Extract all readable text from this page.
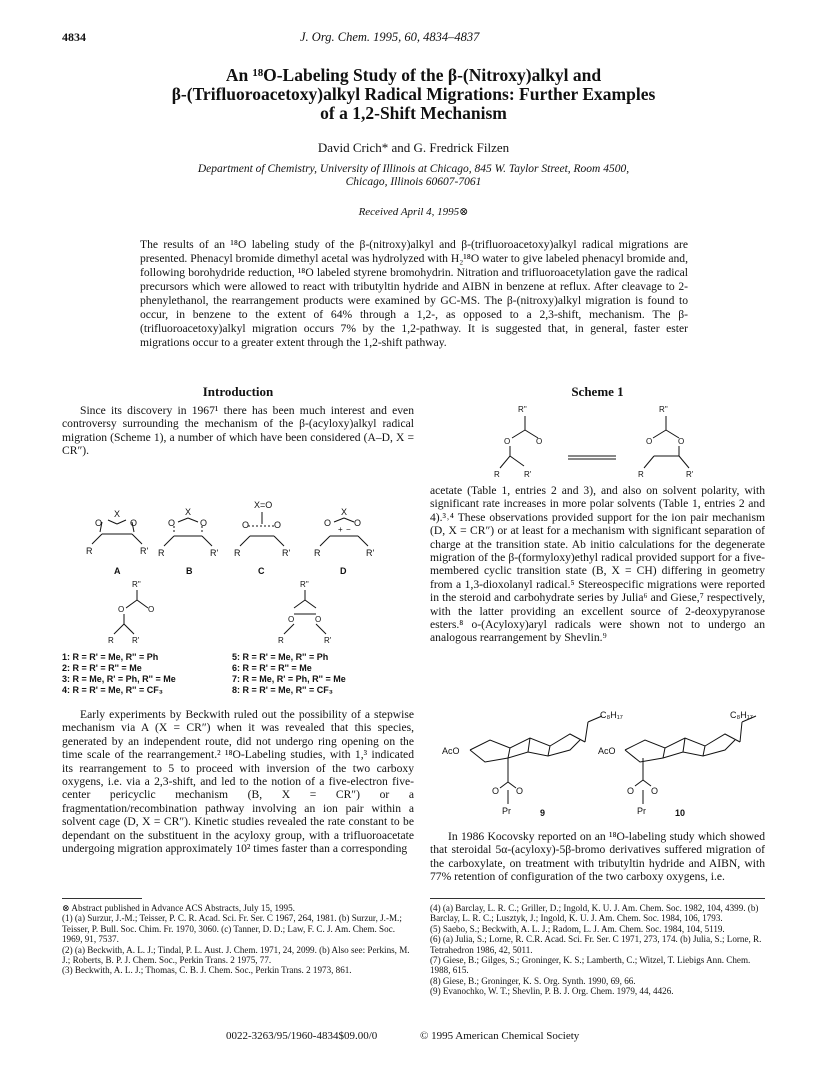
4834	J. Org. Chem. 1995, 60, 4834–4837
An ¹⁸O-Labeling Study of the β-(Nitroxy)alkyl and
β-(Trifluoroacetoxy)alkyl Radical Migrations: Further Examples
of a 1,2-Shift Mechanism
David Crich* and G. Fredrick Filzen
Department of Chemistry, University of Illinois at Chicago, 845 W. Taylor Street, Room 4500,
Chicago, Illinois 60607-7061
Received April 4, 1995⊗
The results of an ¹⁸O labeling study of the β-(nitroxy)alkyl and β-(trifluoroacetoxy)alkyl radical migrations are presented. Phenacyl bromide dimethyl acetal was hydrolyzed with H₂¹⁸O water to give labeled phenacyl bromide and, following borohydride reduction, ¹⁸O labeled styrene bromohydrin. Nitration and trifluoroacetylation gave the radical precursors which were allowed to react with tributyltin hydride and AIBN in benzene at reflux. After cleavage to 2-phenylethanol, the rearrangement products were examined by GC-MS. The β-(nitroxy)alkyl migration is found to occur, in benzene to the extent of 64% through a 1,2-, as opposed to a 2,3-shift, mechanism. The β-(trifluoroacetoxy)alkyl migration occurs 7% by the 1,2-pathway. It is suggested that, in general, faster ester migrations occur to a greater extent through the 1,2-shift pathway.
Introduction

Since its discovery in 1967¹ there has been much interest and even controversy surrounding the mechanism of the β-(acyloxy)alkyl radical migration (Scheme 1), a number of which have been considered (A–D, X = CR″).

X
O	O
X
O	O
X=O
O	O
X
O	O
+ −
R	R' R	R' R	R'	R	R'
A	B	C	D
R''
O	O
R R'
R''
O	O
R	R'
1: R = R' = Me, R'' = Ph
2: R = R' = R'' = Me
3: R = Me, R' = Ph, R'' = Me
4: R = R' = Me, R'' = CF₃
5: R = R' = Me, R'' = Ph
6: R = R' = R'' = Me
7: R = Me, R' = Ph, R'' = Me
8: R = R' = Me, R'' = CF₃

Early experiments by Beckwith ruled out the possibility of a stepwise mechanism via A (X = CR″) when it was revealed that this species, generated by an independent route, did not undergo ring opening on the time scale of the rearrangement.² ¹⁸O-Labeling studies, with 1,³ indicated its rearrangement to 5 to proceed with inversion of the two carboxy oxygens, i.e. via a 2,3-shift, and led to the notion of a five-electron five-center pericyclic mechanism (B, X = CR″) or a fragmentation/recombination pathway involving an ion pair within a solvent cage (D, X = CR″). Kinetic studies revealed the rate constant to be dependant on the substituent in the acyloxy group, with a trifluoroacetate undergoing migration approximately 10² times faster than a corresponding

⊗ Abstract published in Advance ACS Abstracts, July 15, 1995.
(1) (a) Surzur, J.-M.; Teisser, P. C. R. Acad. Sci. Fr. Ser. C 1967, 264, 1981. (b) Surzur, J.-M.; Teisser, P. Bull. Soc. Chim. Fr. 1970, 3060. (c) Tanner, D. D.; Law, F. C. J. Am. Chem. Soc. 1969, 91, 7537.
(2) (a) Beckwith, A. L. J.; Tindal, P. L. Aust. J. Chem. 1971, 24, 2099. (b) Also see: Perkins, M. J.; Roberts, B. P. J. Chem. Soc., Perkin Trans. 2 1975, 77.
(3) Beckwith, A. L. J.; Thomas, C. B. J. Chem. Soc., Perkin Trans. 2 1973, 861.
Scheme 1
R''	R''
O	O	O	O
R	R'	R	R'

acetate (Table 1, entries 2 and 3), and also on solvent polarity, with significant rate increases in more polar solvents (Table 1, entries 2 and 4).³˒⁴ These observations provided support for the ion pair mechanism (D, X = CR″) or at least for a mechanism with significant separation of charge at the transition state. Ab initio calculations for the degenerate migration of the β-(formyloxy)ethyl radical provided support for a five-membered cyclic transition state (B, X = CH) differing in geometry from a 1,3-dioxolanyl radical.⁵ Stereospecific migrations were reported in the steroid and carbohydrate series by Julia⁶ and Giese,⁷ respectively, with the latter providing an excellent source of 2-deoxypyranose esters.⁸ o-(Acyloxy)aryl radicals were shown not to undergo an analogous rearrangement by Shevlin.⁹

C₈H₁₇
AcO
O O
Pr	9
C₈H₁₇
AcO
O O
Pr	10

In 1986 Kocovsky reported on an ¹⁸O-labeling study which showed that steroidal 5α-(acyloxy)-5β-bromo derivatives suffered migration of the carboxylate, on treatment with tributyltin hydride and AIBN, with 77% retention of configuration of the two carboxy oxygens, i.e.

(4) (a) Barclay, L. R. C.; Griller, D.; Ingold, K. U. J. Am. Chem. Soc. 1982, 104, 4399. (b) Barclay, L. R. C.; Lusztyk, J.; Ingold, K. U. J. Am. Chem. Soc. 1984, 106, 1793.
(5) Saebo, S.; Beckwith, A. L. J.; Radom, L. J. Am. Chem. Soc. 1984, 104, 5119.
(6) (a) Julia, S.; Lorne, R. C.R. Acad. Sci. Fr. Ser. C 1971, 273, 174. (b) Julia, S.; Lorne, R. Tetrahedron 1986, 42, 5011.
(7) Giese, B.; Gilges, S.; Groninger, K. S.; Lamberth, C.; Witzel, T. Liebigs Ann. Chem. 1988, 615.
(8) Giese, B.; Groninger, K. S. Org. Synth. 1990, 69, 66.
(9) Evanochko, W. T.; Shevlin, P. B. J. Org. Chem. 1979, 44, 4426.
0022-3263/95/1960-4834$09.00/0	© 1995 American Chemical Society
